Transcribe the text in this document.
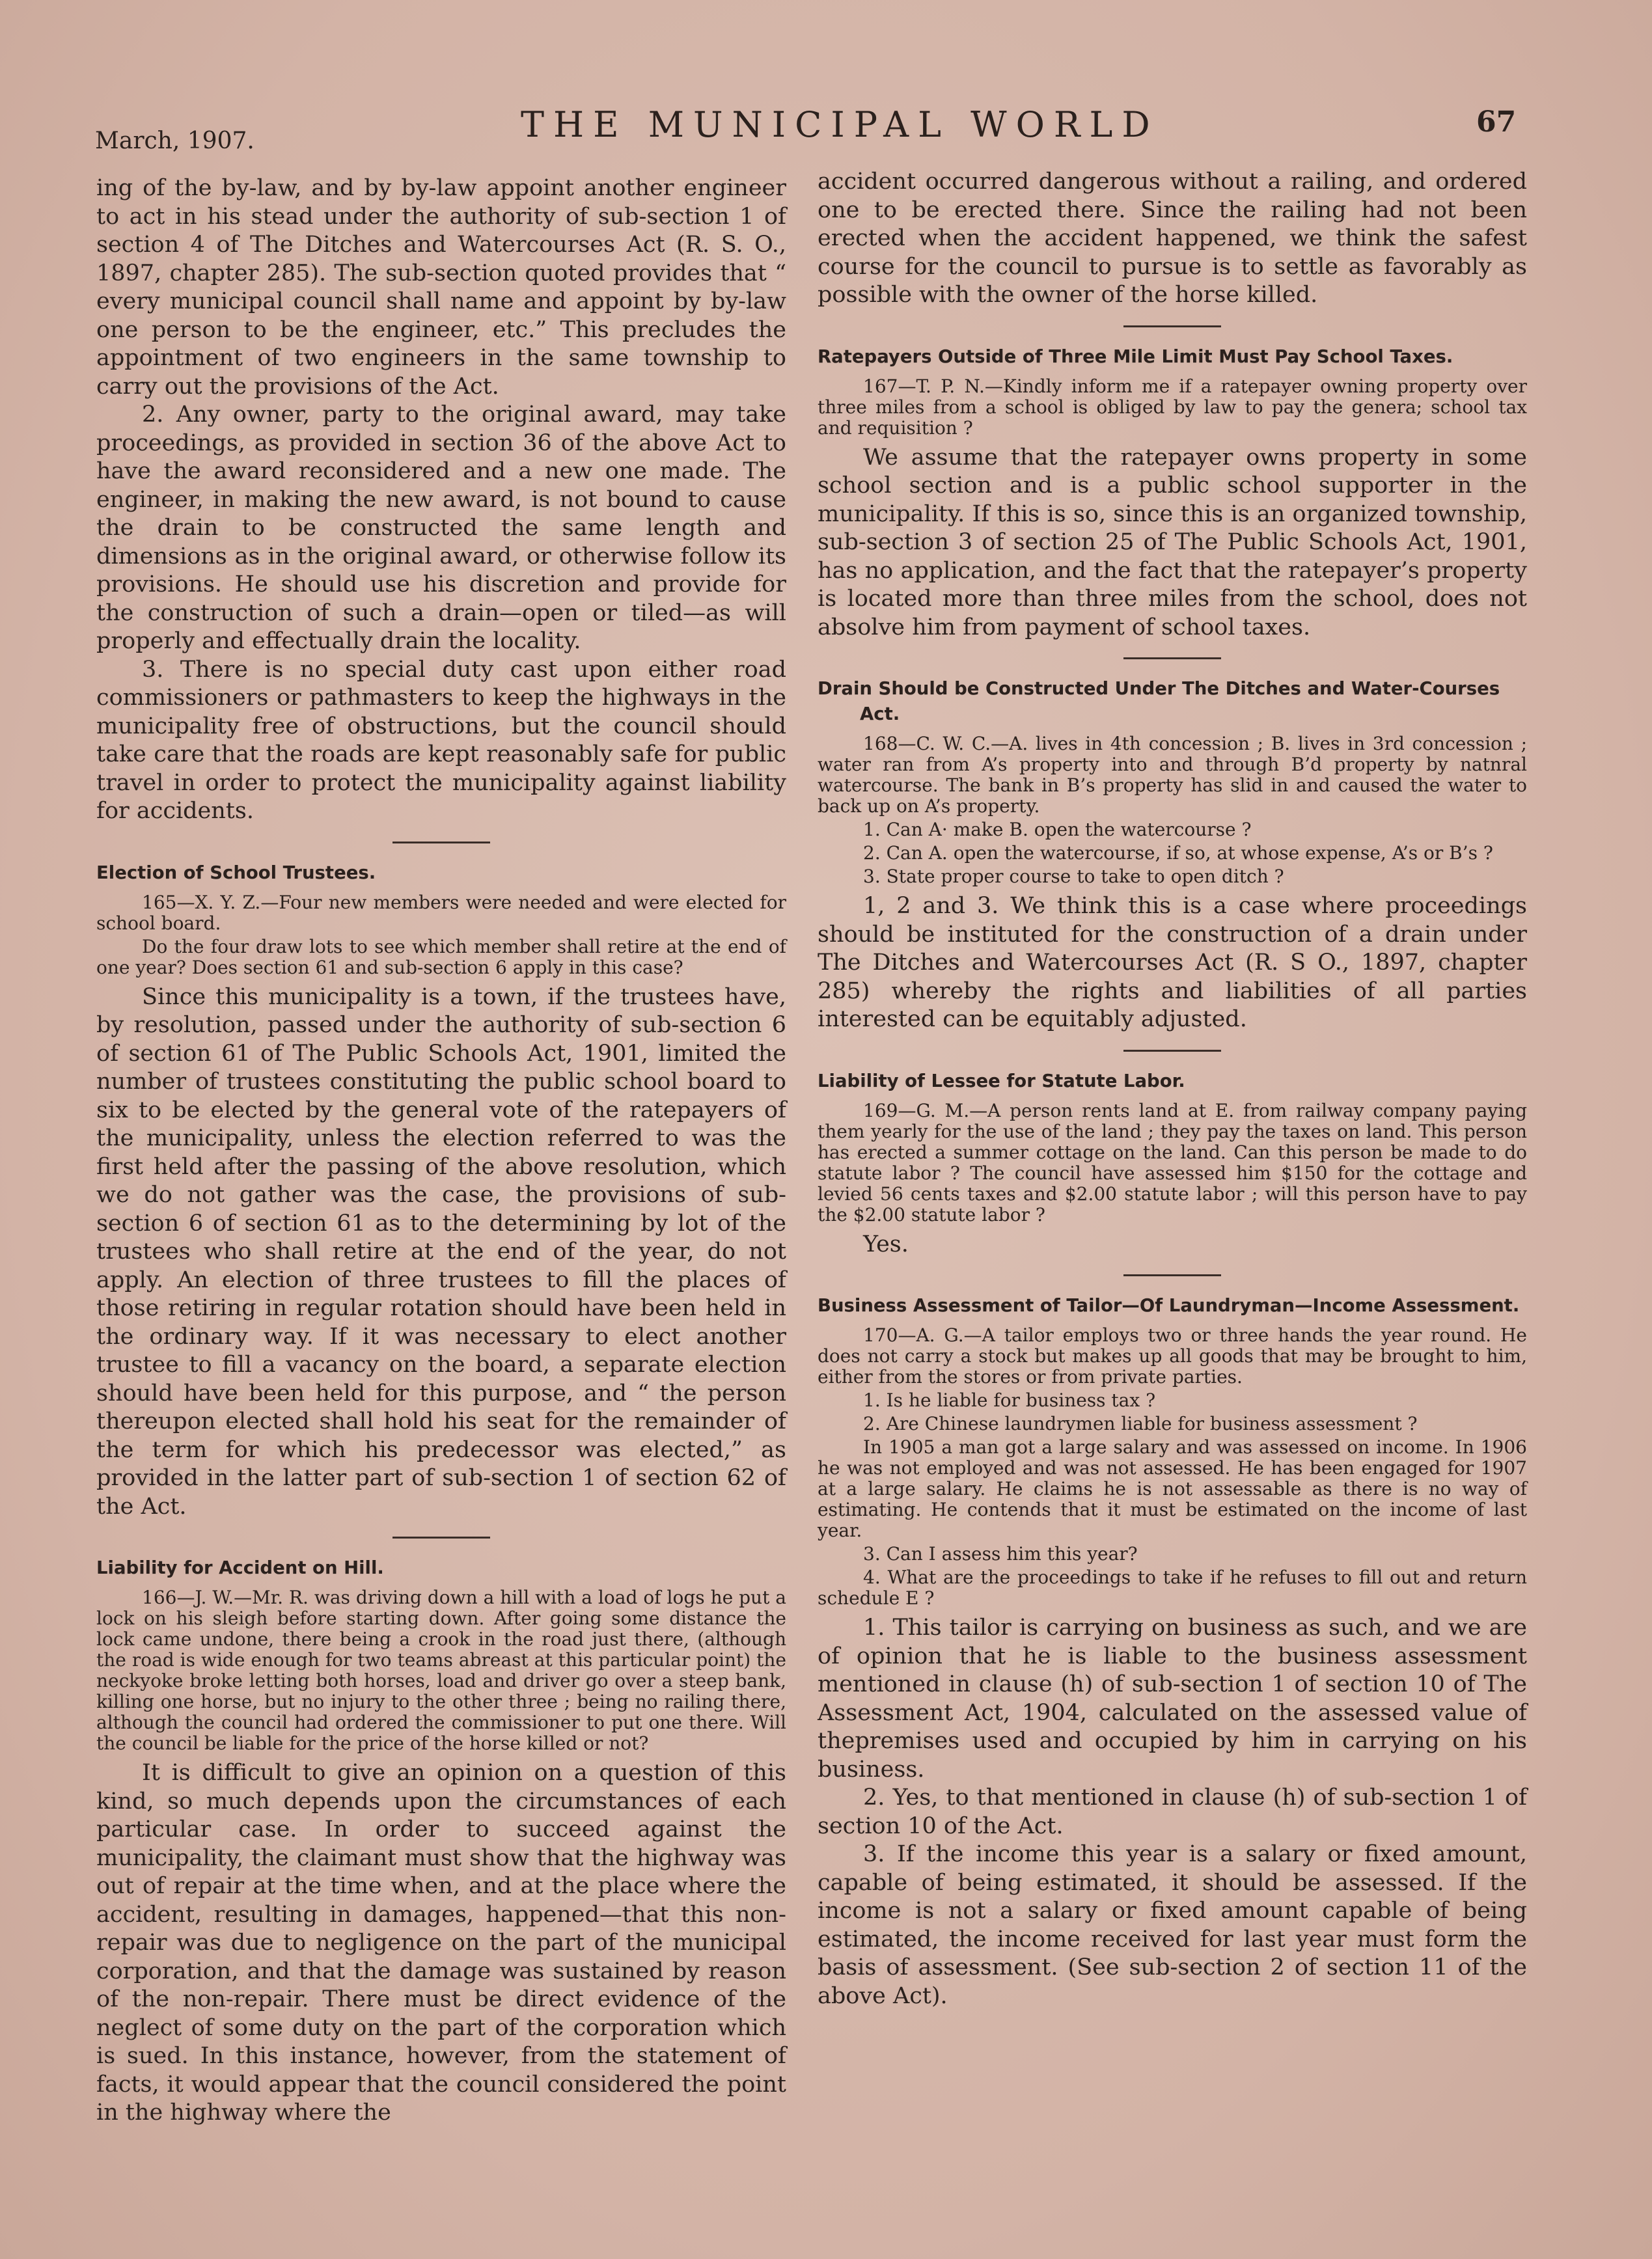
March, 1907.	THE MUNICIPAL WORLD	67

ing of the by-law, and by by-law appoint another engineer to act in his stead under the authority of sub-section 1 of section 4 of The Ditches and Watercourses Act (R. S. O., 1897, chapter 285). The sub-section quoted provides that “ every municipal council shall name and appoint by by-law one person to be the engineer, etc.” This precludes the appointment of two engineers in the same township to carry out the provisions of the Act.

2. Any owner, party to the original award, may take proceedings, as provided in section 36 of the above Act to have the award reconsidered and a new one made. The engineer, in making the new award, is not bound to cause the drain to be constructed the same length and dimensions as in the original award, or otherwise follow its provisions. He should use his discretion and provide for the construction of such a drain—open or tiled—as will properly and effectually drain the locality.

3. There is no special duty cast upon either road commissioners or pathmasters to keep the highways in the municipality free of obstructions, but the council should take care that the roads are kept reasonably safe for public travel in order to protect the municipality against liability for accidents.

Election of School Trustees.

165—X. Y. Z.—Four new members were needed and were elected for school board.

Do the four draw lots to see which member shall retire at the end of one year? Does section 61 and sub-section 6 apply in this case?

Since this municipality is a town, if the trustees have, by resolution, passed under the authority of sub-section 6 of section 61 of The Public Schools Act, 1901, limited the number of trustees constituting the public school board to six to be elected by the general vote of the ratepayers of the municipality, unless the election referred to was the first held after the passing of the above resolution, which we do not gather was the case, the provisions of sub-section 6 of section 61 as to the determining by lot of the trustees who shall retire at the end of the year, do not apply. An election of three trustees to fill the places of those retiring in regular rotation should have been held in the ordinary way. If it was necessary to elect another trustee to fill a vacancy on the board, a separate election should have been held for this purpose, and “ the person thereupon elected shall hold his seat for the remainder of the term for which his predecessor was elected,” as provided in the latter part of sub-section 1 of section 62 of the Act.

Liability for Accident on Hill.

166—J. W.—Mr. R. was driving down a hill with a load of logs he put a lock on his sleigh before starting down. After going some distance the lock came undone, there being a crook in the road just there, (although the road is wide enough for two teams abreast at this particular point) the neckyoke broke letting both horses, load and driver go over a steep bank, killing one horse, but no injury to the other three ; being no railing there, although the council had ordered the commissioner to put one there. Will the council be liable for the price of the horse killed or not?

It is difficult to give an opinion on a question of this kind, so much depends upon the circumstances of each particular case. In order to succeed against the municipality, the claimant must show that the highway was out of repair at the time when, and at the place where the accident, resulting in damages, happened—that this non-repair was due to negligence on the part of the municipal corporation, and that the damage was sustained by reason of the non-repair. There must be direct evidence of the neglect of some duty on the part of the corporation which is sued. In this instance, however, from the statement of facts, it would appear that the council considered the point in the highway where the

accident occurred dangerous without a railing, and ordered one to be erected there. Since the railing had not been erected when the accident happened, we think the safest course for the council to pursue is to settle as favorably as possible with the owner of the horse killed.

Ratepayers Outside of Three Mile Limit Must Pay School Taxes.

167—T. P. N.—Kindly inform me if a ratepayer owning property over three miles from a school is obliged by law to pay the genera; school tax and requisition ?

We assume that the ratepayer owns property in some school section and is a public school supporter in the municipality. If this is so, since this is an organized township, sub-section 3 of section 25 of The Public Schools Act, 1901, has no application, and the fact that the ratepayer’s property is located more than three miles from the school, does not absolve him from payment of school taxes.

Drain Should be Constructed Under The Ditches and Water-Courses Act.

168—C. W. C.—A. lives in 4th concession ; B. lives in 3rd concession ; water ran from A’s property into and through B’d property by natnral watercourse. The bank in B’s property has slid in and caused the water to back up on A’s property.

1. Can A· make B. open the watercourse ?

2. Can A. open the watercourse, if so, at whose expense, A’s or B’s ?

3. State proper course to take to open ditch ?

1, 2 and 3. We think this is a case where proceedings should be instituted for the construction of a drain under The Ditches and Watercourses Act (R. S O., 1897, chapter 285) whereby the rights and liabilities of all parties interested can be equitably adjusted.

Liability of Lessee for Statute Labor.

169—G. M.—A person rents land at E. from railway company paying them yearly for the use of the land ; they pay the taxes on land. This person has erected a summer cottage on the land. Can this person be made to do statute labor ? The council have assessed him $150 for the cottage and levied 56 cents taxes and $2.00 statute labor ; will this person have to pay the $2.00 statute labor ?

Yes.

Business Assessment of Tailor—Of Laundryman—Income Assessment.

170—A. G.—A tailor employs two or three hands the year round. He does not carry a stock but makes up all goods that may be brought to him, either from the stores or from private parties.

1. Is he liable for business tax ?

2. Are Chinese laundrymen liable for business assessment ?

In 1905 a man got a large salary and was assessed on income. In 1906 he was not employed and was not assessed. He has been engaged for 1907 at a large salary. He claims he is not assessable as there is no way of estimating. He contends that it must be estimated on the income of last year.

3. Can I assess him this year?

4. What are the proceedings to take if he refuses to fill out and return schedule E ?

1. This tailor is carrying on business as such, and we are of opinion that he is liable to the business assessment mentioned in clause (h) of sub-section 1 of section 10 of The Assessment Act, 1904, calculated on the assessed value of thepremises used and occupied by him in carrying on his business.

2. Yes, to that mentioned in clause (h) of sub-section 1 of section 10 of the Act.

3. If the income this year is a salary or fixed amount, capable of being estimated, it should be assessed. If the income is not a salary or fixed amount capable of being estimated, the income received for last year must form the basis of assessment. (See sub-section 2 of section 11 of the above Act).
